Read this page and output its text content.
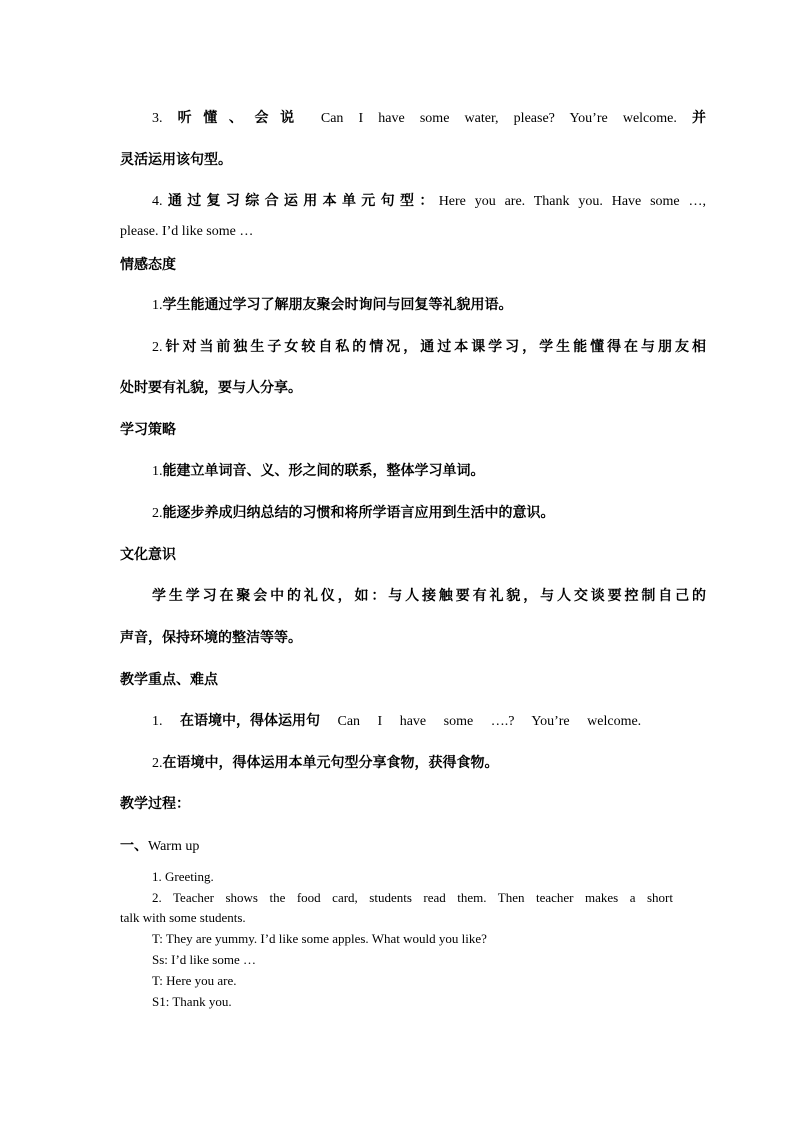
3. 听懂、会说 Can I have some water, please? You’re welcome. 并
灵活运用该句型。
4.通过复习综合运用本单元句型：Here you are. Thank you. Have some …,
please. I’d like some …
情感态度
1.学生能通过学习了解朋友聚会时询问与回复等礼貌用语。
2.针对当前独生子女较自私的情况，通过本课学习，学生能懂得在与朋友相
处时要有礼貌，要与人分享。
学习策略
1.能建立单词音、义、形之间的联系，整体学习单词。
2.能逐步养成归纳总结的习惯和将所学语言应用到生活中的意识。
文化意识
学生学习在聚会中的礼仪，如：与人接触要有礼貌，与人交谈要控制自己的
声音，保持环境的整洁等等。
教学重点、难点
1. 在语境中，得体运用句 Can I have some ….? You’re welcome.
2.在语境中，得体运用本单元句型分享食物，获得食物。
教学过程：
一、Warm up
1. Greeting.
2. Teacher shows the food card, students read them. Then teacher makes a short
talk with some students.
T: They are yummy. I’d like some apples. What would you like?
Ss: I’d like some …
T: Here you are.
S1: Thank you.
